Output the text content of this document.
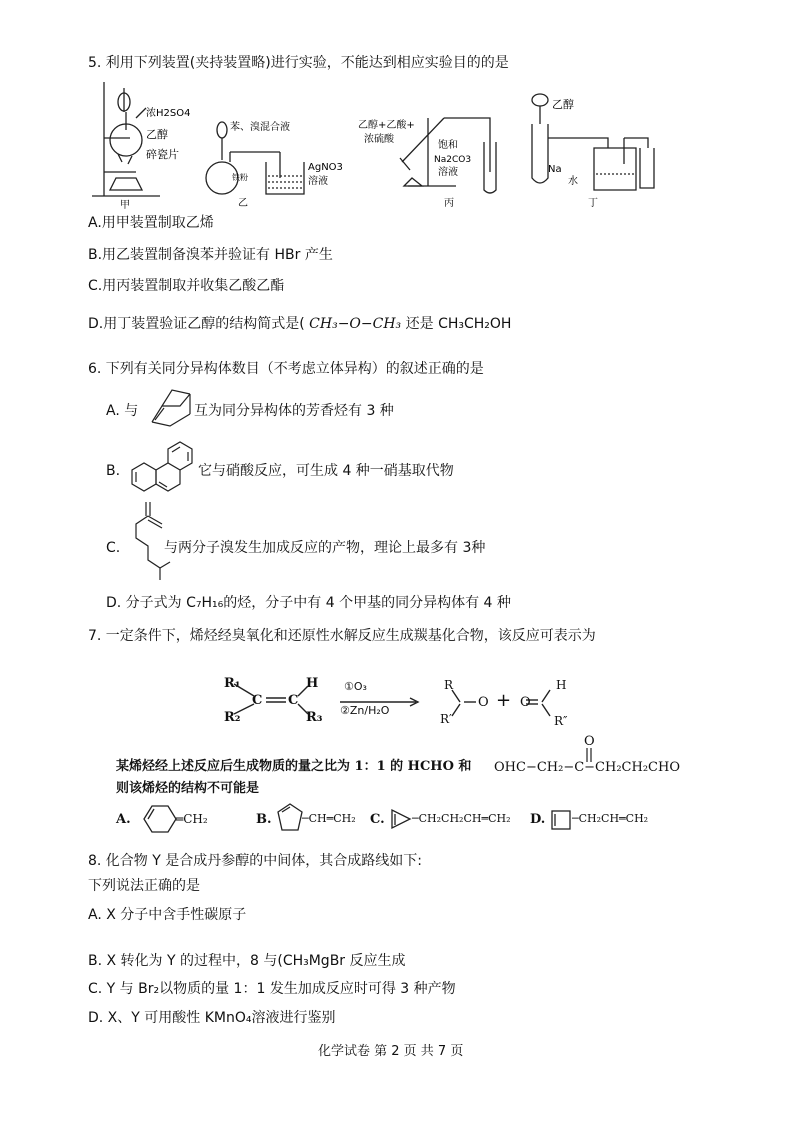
5. 利用下列装置(夹持装置略)进行实验，不能达到相应实验目的的是
浓H2SO4
乙醇
碎瓷片
甲
苯、溴混合液
铁粉
AgNO3
溶液
乙
乙醇+乙酸+
浓硫酸
饱和
Na2CO3
溶液
丙
乙醇
Na
水
丁
A.用甲装置制取乙烯
B.用乙装置制备溴苯并验证有 HBr 产生
C.用丙装置制取并收集乙酸乙酯
D.用丁装置验证乙醇的结构简式是( CH₃−O−CH₃ 还是 CH₃CH₂OH
6. 下列有关同分异构体数目（不考虑立体异构）的叙述正确的是
A. 与	互为同分异构体的芳香烃有 3 种
B.	它与硝酸反应，可生成 4 种一硝基取代物
C.	与两分子溴发生加成反应的产物，理论上最多有 3种
D. 分子式为 C₇H₁₆的烃，分子中有 4 个甲基的同分异构体有 4 种
7. 一定条件下，烯烃经臭氧化和还原性水解反应生成羰基化合物，该反应可表示为
R₁
R₂
C C
H
R₃
①O₃
②Zn/H₂O
R
R′
O + O
H
R″
某烯烃经上述反应后生成物质的量之比为 1：1 的 HCHO 和
则该烯烃的结构不可能是
O
OHC−CH₂−C−CH₂CH₂CHO
A.	═CH₂	B.	─CH═CH₂ C. ─CH₂CH₂CH═CH₂ D. ─CH₂CH═CH₂
8. 化合物 Y 是合成丹参醇的中间体，其合成路线如下:
下列说法正确的是
A. X 分子中含手性碳原子
B. X 转化为 Y 的过程中，8 与(CH₃MgBr 反应生成
C. Y 与 Br₂以物质的量 1：1 发生加成反应时可得 3 种产物
D. X、Y 可用酸性 KMnO₄溶液进行鉴别
化学试卷 第 2 页 共 7 页
